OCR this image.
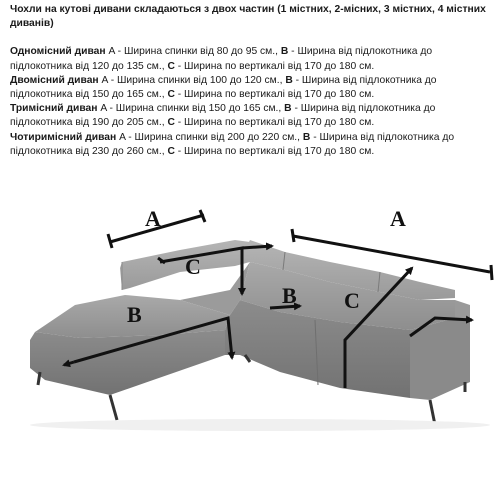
Чохли на кутові дивани складаються з двох частин (1 містних, 2-місних, 3 містних, 4 містних диванів)

Одномісний диван A - Ширина спинки від 80 до 95 см., B - Ширина від підлокотника до підлокотника від 120 до 135 см., C - Ширина по вертикалі від 170 до 180 см.

Двомісний диван A - Ширина спинки від 100 до 120 см., B - Ширина від підлокотника до підлокотника від 150 до 165 см., C - Ширина по вертикалі від 170 до 180 см.

Тримісний диван A - Ширина спинки від 150 до 165 см., B - Ширина від підлокотника до підлокотника від 190 до 205 см., C - Ширина по вертикалі від 170 до 180 см.

Чотиримісний диван A - Ширина спинки від 200 до 220 см., B - Ширина від підлокотника до підлокотника від 230 до 260 см., C - Ширина по вертикалі від 170 до 180 см.

A	A
C
C
B
B
